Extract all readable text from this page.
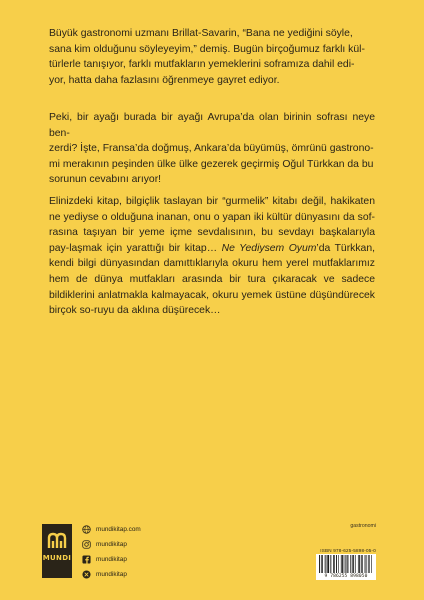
Büyük gastronomi uzmanı Brillat-Savarin, “Bana ne yediğini söyle,
sana kim olduğunu söyleyeyim,” demiş. Bugün birçoğumuz farklı kül-
türlerle tanışıyor, farklı mutfakların yemeklerini soframıza dahil edi-
yor, hatta daha fazlasını öğrenmeye gayret ediyor.

Peki, bir ayağı burada bir ayağı Avrupa’da olan birinin sofrası neye ben-
zerdi? İşte, Fransa’da doğmuş, Ankara’da büyümüş, ömrünü gastrono-
mi merakının peşinden ülke ülke gezerek geçirmiş Oğul Türkkan da bu
sorunun cevabını arıyor!

Elinizdeki kitap, bilgiçlik taslayan bir “gurmelik” kitabı değil, hakikaten ne yediyse o olduğuna inanan, onu o yapan iki kültür dünyasını da sof-rasına taşıyan bir yeme içme sevdalısının, bu sevdayı başkalarıyla pay-laşmak için yarattığı bir kitap… Ne Yediysem Oyum’da Türkkan, kendi bilgi dünyasından damıttıklarıyla okuru hem yerel mutfaklarımız hem de dünya mutfakları arasında bir tura çıkaracak ve sadece bildiklerini anlatmakla kalmayacak, okuru yemek üstüne düşündürecek birçok so-ruyu da aklına düşürecek…

MUNDI
mundikitap.com
mundikitap
mundikitap
mundikitap
gastronomi
ISBN 978-625-5898-05-0
9 786255 898050
